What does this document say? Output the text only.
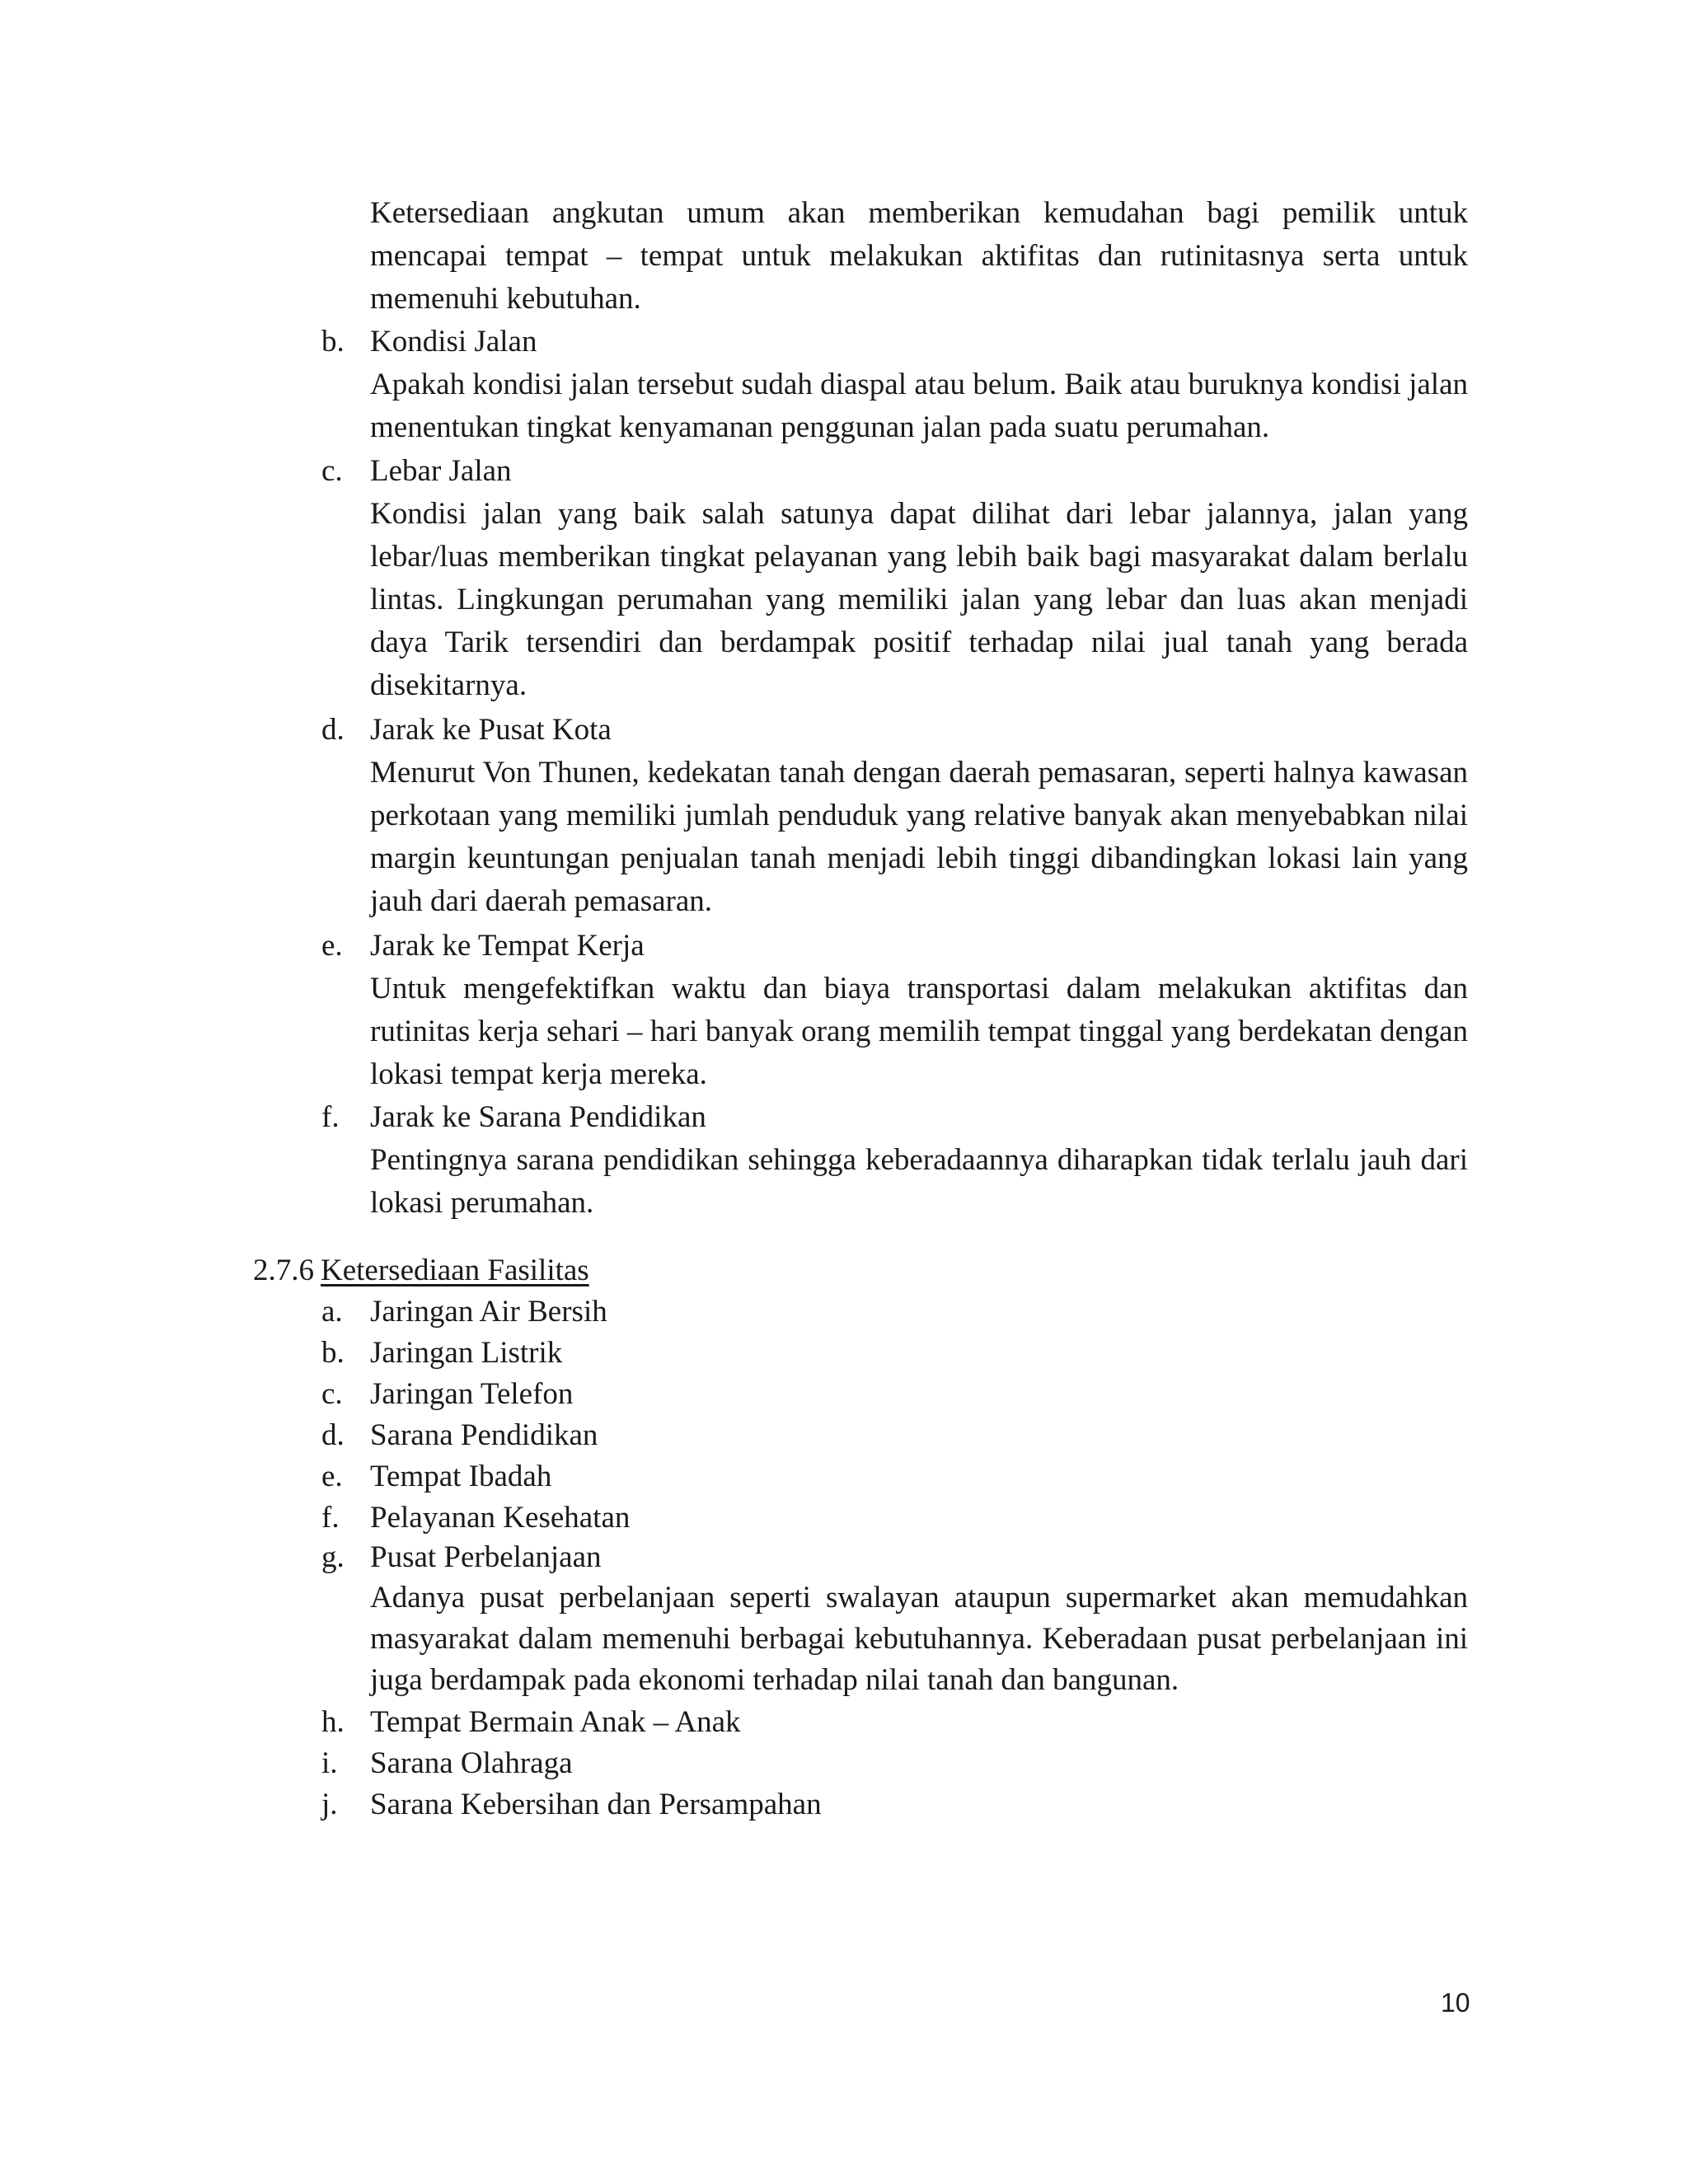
Ketersediaan angkutan umum akan memberikan kemudahan bagi pemilik untuk mencapai tempat – tempat untuk melakukan aktifitas dan rutinitasnya serta untuk memenuhi kebutuhan.

b. Kondisi Jalan

Apakah kondisi jalan tersebut sudah diaspal atau belum. Baik atau buruknya kondisi jalan menentukan tingkat kenyamanan penggunan jalan pada suatu perumahan.

c. Lebar Jalan

Kondisi jalan yang baik salah satunya dapat dilihat dari lebar jalannya, jalan yang lebar/luas memberikan tingkat pelayanan yang lebih baik bagi masyarakat dalam berlalu lintas. Lingkungan perumahan yang memiliki jalan yang lebar dan luas akan menjadi daya Tarik tersendiri dan berdampak positif terhadap nilai jual tanah yang berada disekitarnya.

d. Jarak ke Pusat Kota

Menurut Von Thunen, kedekatan tanah dengan daerah pemasaran, seperti halnya kawasan perkotaan yang memiliki jumlah penduduk yang relative banyak akan menyebabkan nilai margin keuntungan penjualan tanah menjadi lebih tinggi dibandingkan lokasi lain yang jauh dari daerah pemasaran.

e. Jarak ke Tempat Kerja

Untuk mengefektifkan waktu dan biaya transportasi dalam melakukan aktifitas dan rutinitas kerja sehari – hari banyak orang memilih tempat tinggal yang berdekatan dengan lokasi tempat kerja mereka.

f. Jarak ke Sarana Pendidikan

Pentingnya sarana pendidikan sehingga keberadaannya diharapkan tidak terlalu jauh dari lokasi perumahan.

2.7.6 Ketersediaan Fasilitas
a. Jaringan Air Bersih
b. Jaringan Listrik
c. Jaringan Telefon
d. Sarana Pendidikan
e. Tempat Ibadah
f. Pelayanan Kesehatan
g. Pusat Perbelanjaan

Adanya pusat perbelanjaan seperti swalayan ataupun supermarket akan memudahkan masyarakat dalam memenuhi berbagai kebutuhannya. Keberadaan pusat perbelanjaan ini juga berdampak pada ekonomi terhadap nilai tanah dan bangunan.

h. Tempat Bermain Anak – Anak
i. Sarana Olahraga
j. Sarana Kebersihan dan Persampahan
10
